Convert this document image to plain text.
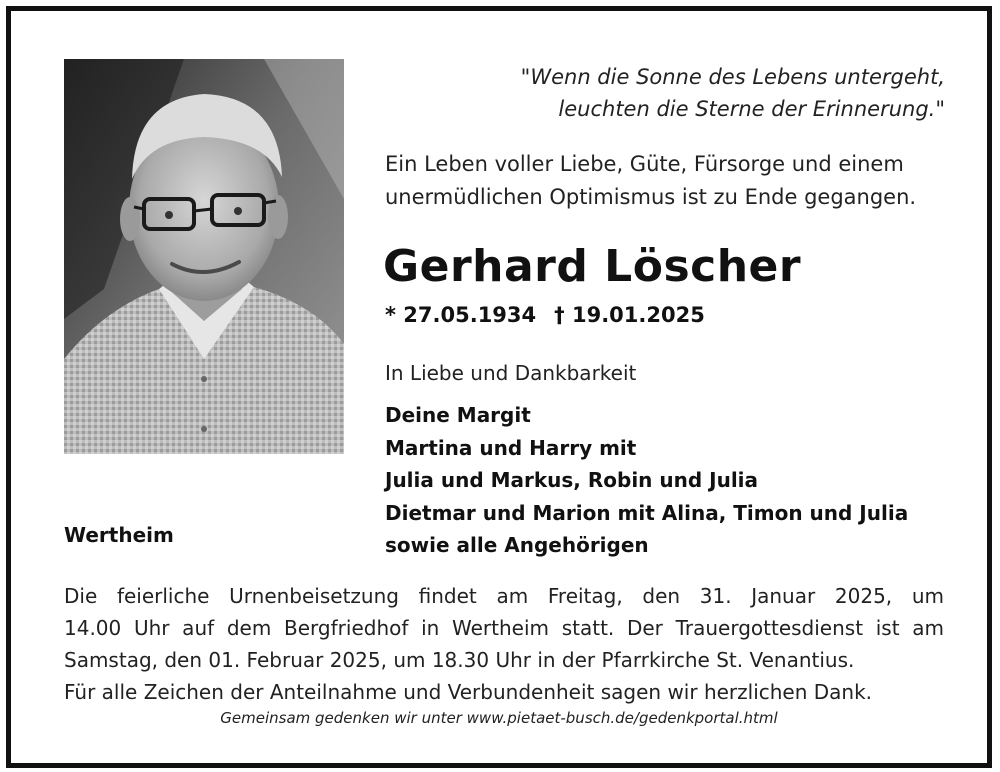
"Wenn die Sonne des Lebens untergeht,
leuchten die Sterne der Erinnerung."
Ein Leben voller Liebe, Güte, Fürsorge und einem
unermüdlichen Optimismus ist zu Ende gegangen.
Gerhard Löscher
* 27.05.1934 † 19.01.2025
In Liebe und Dankbarkeit
Deine Margit
Martina und Harry mit
Julia und Markus, Robin und Julia
Dietmar und Marion mit Alina, Timon und Julia
sowie alle Angehörigen
Wertheim
Die feierliche Urnenbeisetzung findet am Freitag, den 31. Januar 2025, um
14.00 Uhr auf dem Bergfriedhof in Wertheim statt. Der Trauergottesdienst ist am
Samstag, den 01. Februar 2025, um 18.30 Uhr in der Pfarrkirche St. Venantius.
Für alle Zeichen der Anteilnahme und Verbundenheit sagen wir herzlichen Dank.
Gemeinsam gedenken wir unter www.pietaet-busch.de/gedenkportal.html
